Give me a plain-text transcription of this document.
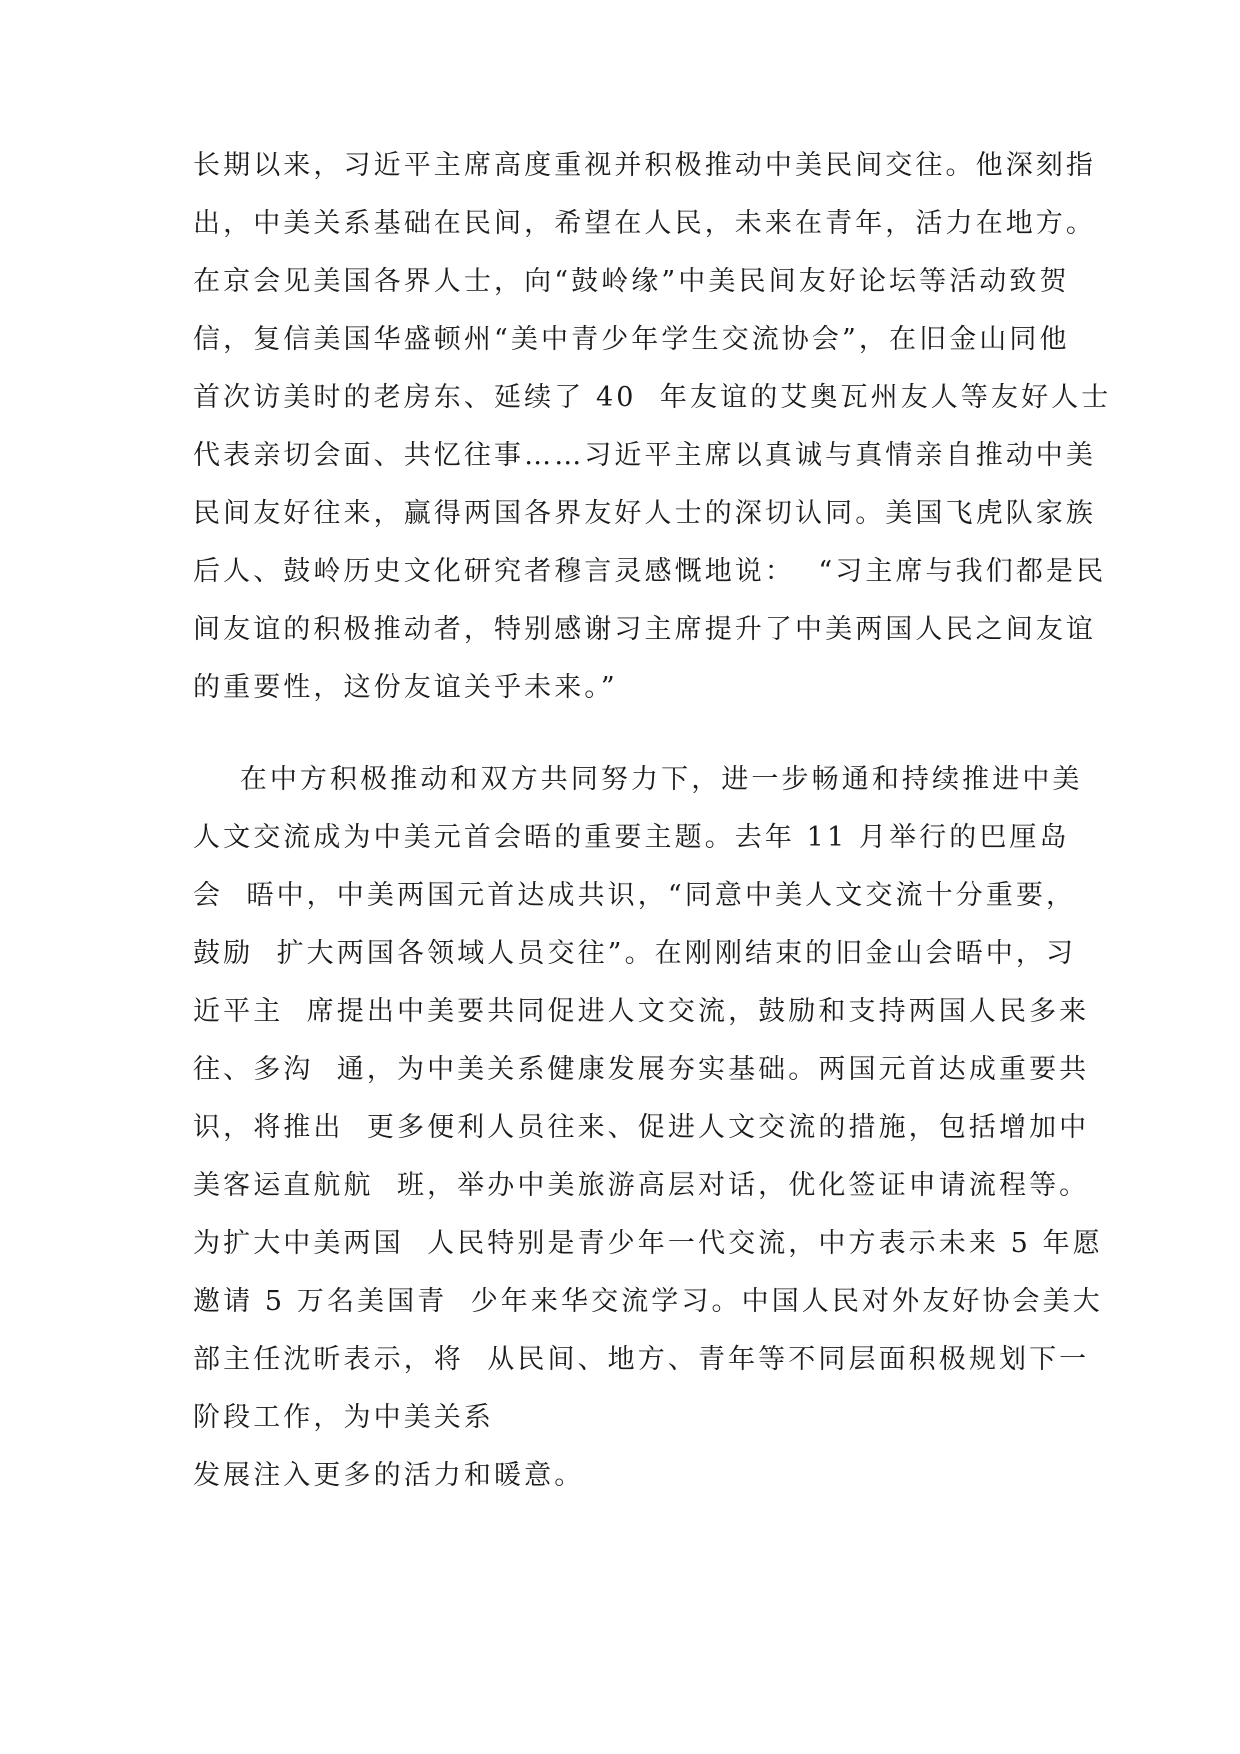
长期以来，习近平主席高度重视并积极推动中美民间交往。他深刻指
出，中美关系基础在民间，希望在人民，未来在青年，活力在地方。
在京会见美国各界人士，向“鼓岭缘”中美民间友好论坛等活动致贺
信，复信美国华盛顿州“美中青少年学生交流协会”，在旧金山同他
首次访美时的老房东、延续了 40  年友谊的艾奥瓦州友人等友好人士
代表亲切会面、共忆往事……习近平主席以真诚与真情亲自推动中美
民间友好往来，赢得两国各界友好人士的深切认同。美国飞虎队家族
后人、鼓岭历史文化研究者穆言灵感慨地说：  “习主席与我们都是民
间友谊的积极推动者，特别感谢习主席提升了中美两国人民之间友谊
的重要性，这份友谊关乎未来。”
在中方积极推动和双方共同努力下，进一步畅通和持续推进中美
人文交流成为中美元首会晤的重要主题。去年 11 月举行的巴厘岛
会  晤中，中美两国元首达成共识，“同意中美人文交流十分重要，
鼓励  扩大两国各领域人员交往”。在刚刚结束的旧金山会晤中，习
近平主  席提出中美要共同促进人文交流，鼓励和支持两国人民多来
往、多沟  通，为中美关系健康发展夯实基础。两国元首达成重要共
识，将推出  更多便利人员往来、促进人文交流的措施，包括增加中
美客运直航航  班，举办中美旅游高层对话，优化签证申请流程等。
为扩大中美两国  人民特别是青少年一代交流，中方表示未来 5 年愿
邀请 5 万名美国青  少年来华交流学习。中国人民对外友好协会美大
部主任沈昕表示，将  从民间、地方、青年等不同层面积极规划下一
阶段工作，为中美关系
发展注入更多的活力和暖意。
